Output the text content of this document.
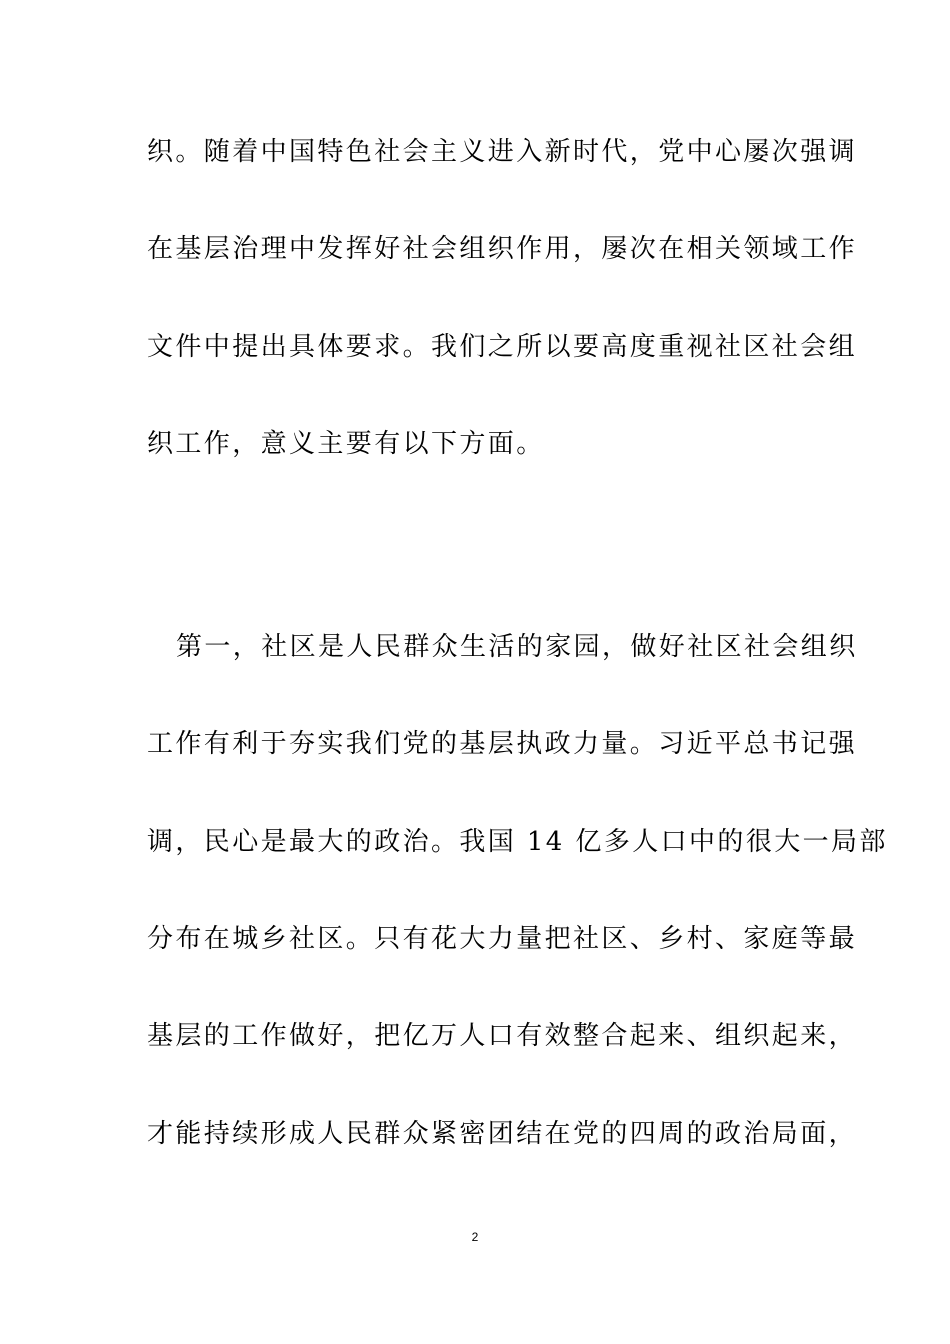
织。随着中国特色社会主义进入新时代，党中心屡次强调
在基层治理中发挥好社会组织作用，屡次在相关领域工作
文件中提出具体要求。我们之所以要高度重视社区社会组
织工作，意义主要有以下方面。
第一，社区是人民群众生活的家园，做好社区社会组织
工作有利于夯实我们党的基层执政力量。习近平总书记强
调，民心是最大的政治。我国 14 亿多人口中的很大一局部
分布在城乡社区。只有花大力量把社区、乡村、家庭等最
基层的工作做好，把亿万人口有效整合起来、组织起来，
才能持续形成人民群众紧密团结在党的四周的政治局面，
2
